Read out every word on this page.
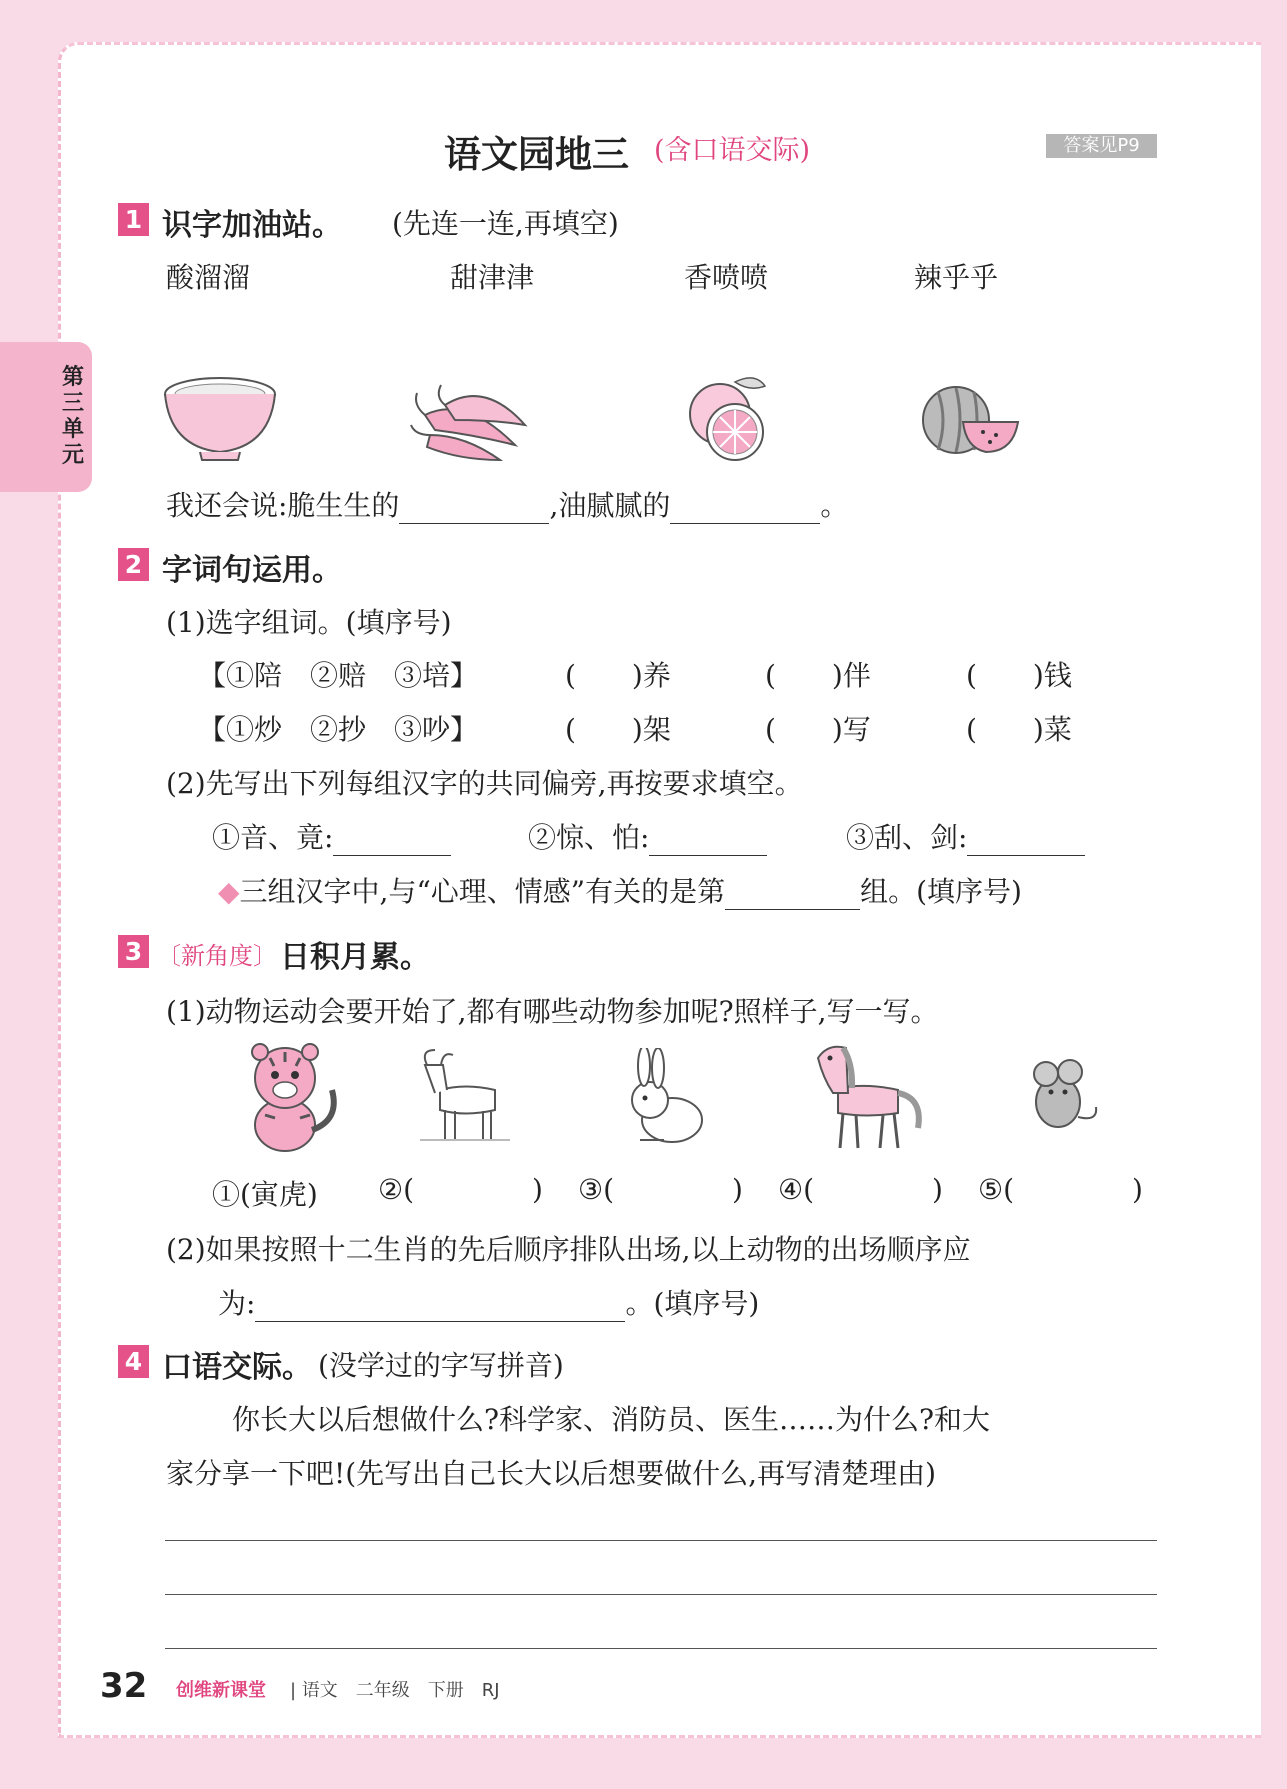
语文园地三 (含口语交际)	答案见P9
第三单元
1 识字加油站。 (先连一连,再填空)
酸溜溜	甜津津	香喷喷	辣乎乎
我还会说:脆生生的	,油腻腻的	。
2 字词句运用。
(1)选字组词。(填序号)
【①陪　②赔　③培】	(　　)养	(　　)伴	(　　)钱
【①炒　②抄　③吵】	(　　)架	(　　)写	(　　)菜
(2)先写出下列每组汉字的共同偏旁,再按要求填空。
①音、竟:	②惊、怕:	③刮、剑:
◆三组汉字中,与“心理、情感”有关的是第	组。(填序号)
3 〔新角度〕 日积月累。
(1)动物运动会要开始了,都有哪些动物参加呢?照样子,写一写。
①(寅虎) ②(	) ③(	) ④(	) ⑤(	)
(2)如果按照十二生肖的先后顺序排队出场,以上动物的出场顺序应
为:	。(填序号)
4 口语交际。 (没学过的字写拼音)
你长大以后想做什么?科学家、消防员、医生……为什么?和大
家分享一下吧!(先写出自己长大以后想要做什么,再写清楚理由)
32 创维新课堂 | 语文　二年级　下册　RJ
